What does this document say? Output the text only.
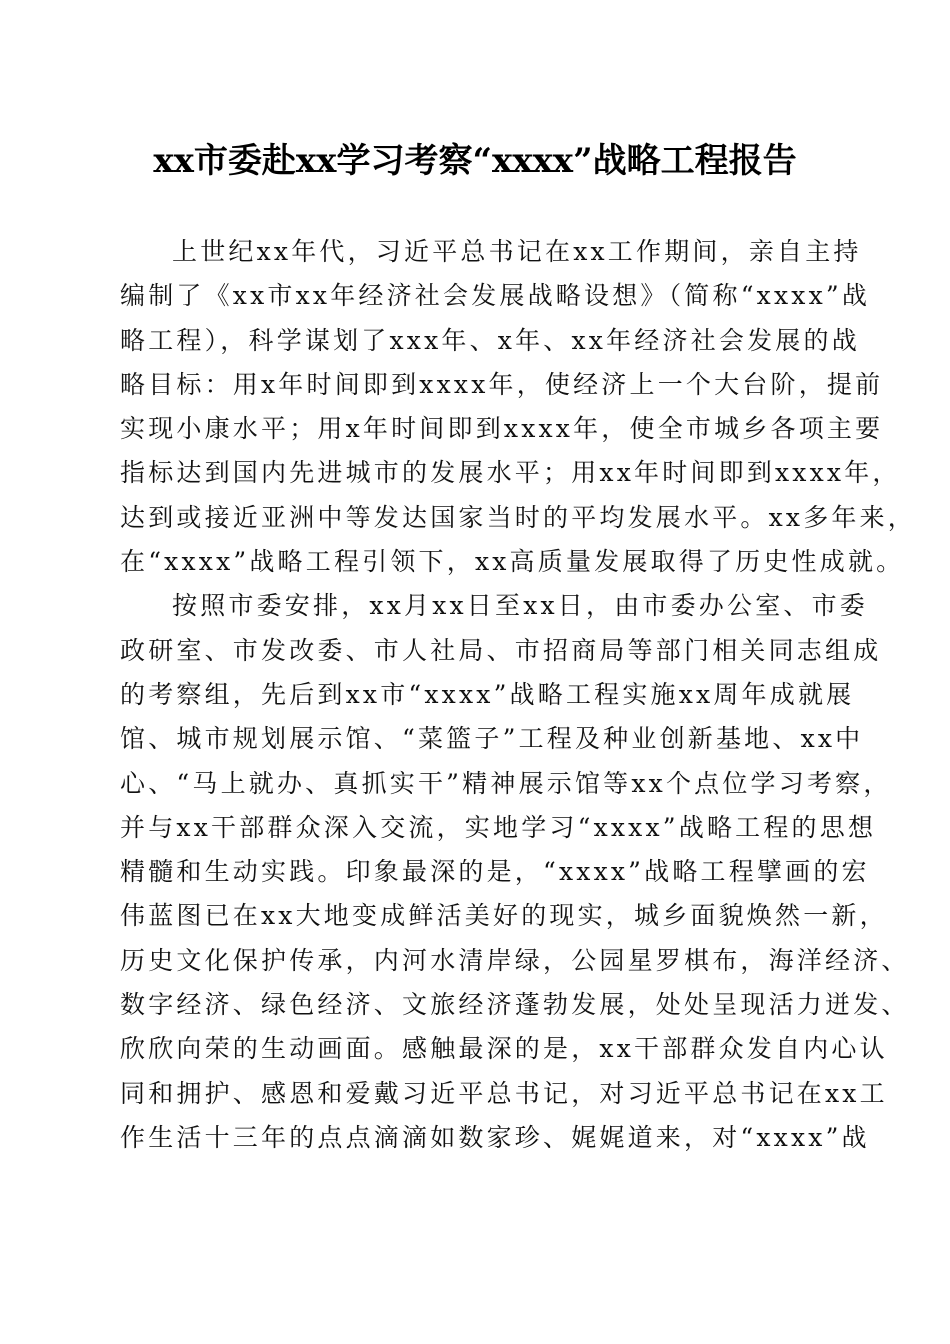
xx市委赴xx学习考察“xxxx”战略工程报告
上世纪xx年代，习近平总书记在xx工作期间，亲自主持
编制了《xx市xx年经济社会发展战略设想》（简称“xxxx”战
略工程），科学谋划了xxx年、x年、xx年经济社会发展的战
略目标：用x年时间即到xxxx年，使经济上一个大台阶，提前
实现小康水平；用x年时间即到xxxx年，使全市城乡各项主要
指标达到国内先进城市的发展水平；用xx年时间即到xxxx年，
达到或接近亚洲中等发达国家当时的平均发展水平。xx多年来，
在“xxxx”战略工程引领下，xx高质量发展取得了历史性成就。
按照市委安排，xx月xx日至xx日，由市委办公室、市委
政研室、市发改委、市人社局、市招商局等部门相关同志组成
的考察组，先后到xx市“xxxx”战略工程实施xx周年成就展
馆、城市规划展示馆、“菜篮子”工程及种业创新基地、xx中
心、“马上就办、真抓实干”精神展示馆等xx个点位学习考察，
并与xx干部群众深入交流，实地学习“xxxx”战略工程的思想
精髓和生动实践。印象最深的是，“xxxx”战略工程擘画的宏
伟蓝图已在xx大地变成鲜活美好的现实，城乡面貌焕然一新，
历史文化保护传承，内河水清岸绿，公园星罗棋布，海洋经济、
数字经济、绿色经济、文旅经济蓬勃发展，处处呈现活力迸发、
欣欣向荣的生动画面。感触最深的是，xx干部群众发自内心认
同和拥护、感恩和爱戴习近平总书记，对习近平总书记在xx工
作生活十三年的点点滴滴如数家珍、娓娓道来，对“xxxx”战
